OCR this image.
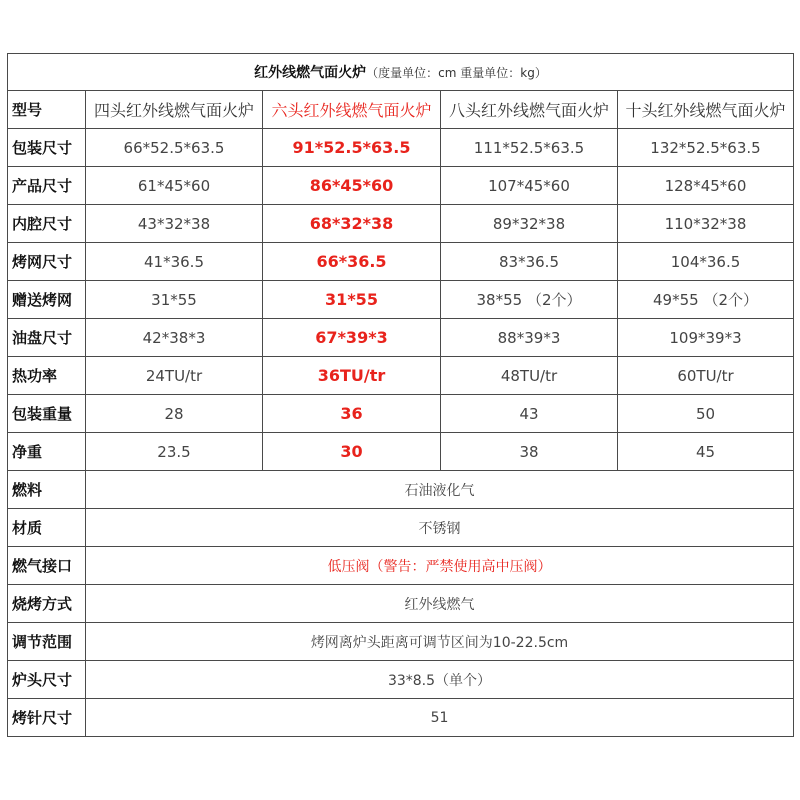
红外线燃气面火炉（度量单位：cm 重量单位：kg）				
型号	四头红外线燃气面火炉	六头红外线燃气面火炉	八头红外线燃气面火炉	十头红外线燃气面火炉
包装尺寸	66*52.5*63.5	91*52.5*63.5	111*52.5*63.5	132*52.5*63.5
产品尺寸	61*45*60	86*45*60	107*45*60	128*45*60
内腔尺寸	43*32*38	68*32*38	89*32*38	110*32*38
烤网尺寸	41*36.5	66*36.5	83*36.5	104*36.5
赠送烤网	31*55	31*55	38*55 （2个）	49*55 （2个）
油盘尺寸	42*38*3	67*39*3	88*39*3	109*39*3
热功率	24TU/tr	36TU/tr	48TU/tr	60TU/tr
包装重量	28	36	43	50
净重	23.5	30	38	45
燃料	石油液化气			
材质	不锈钢			
燃气接口	低压阀（警告：严禁使用高中压阀）			
烧烤方式	红外线燃气			
调节范围	烤网离炉头距离可调节区间为10-22.5cm			
炉头尺寸	33*8.5（单个）			
烤针尺寸	51			
